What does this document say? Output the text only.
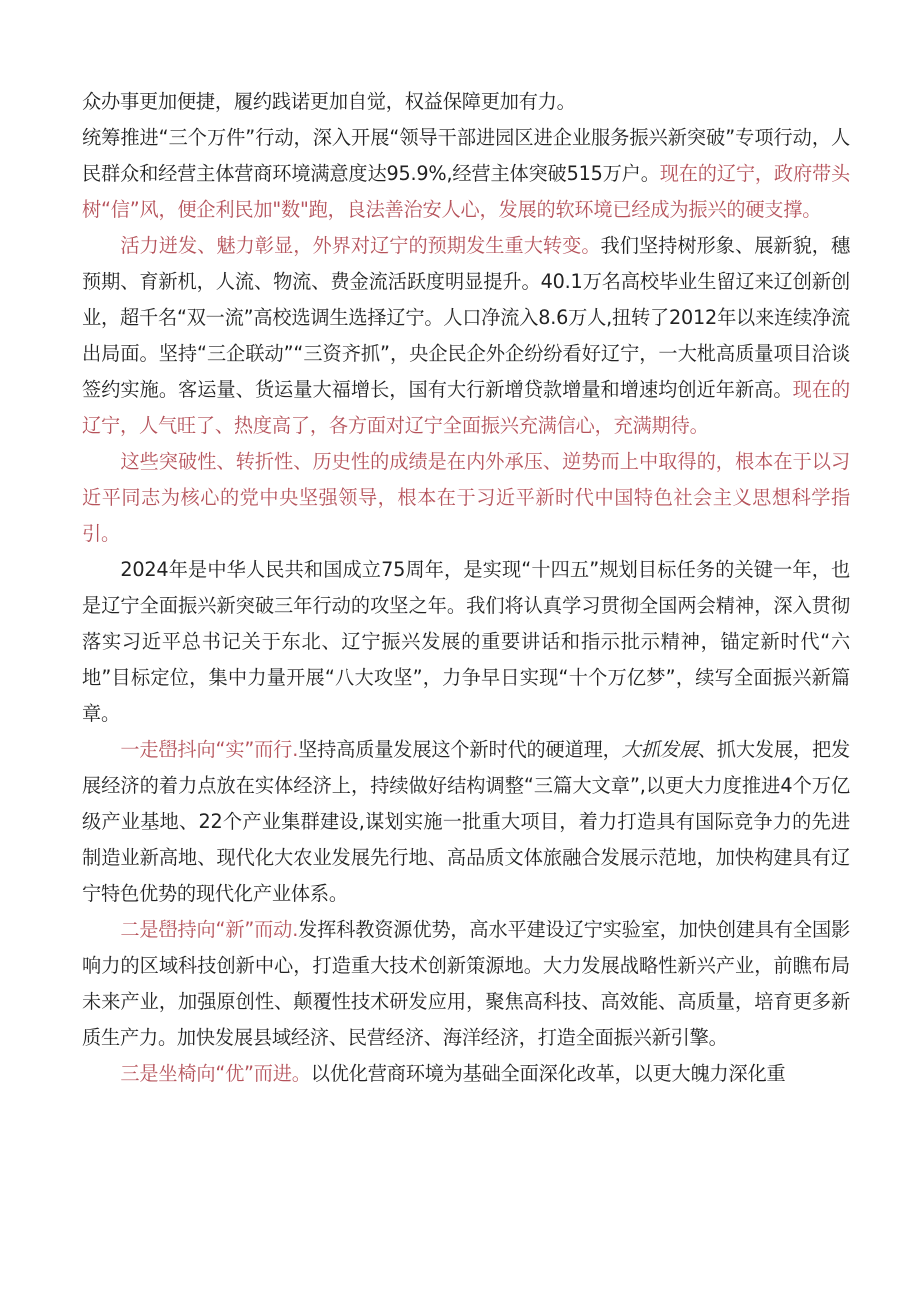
众办事更加便捷，履约践诺更加自觉，权益保障更加有力。

统筹推进“三个万件”行动，深入开展“领导干部进园区进企业服务振兴新突破”专项行动，人民群众和经营主体营商环境满意度达95.9%,经营主体突破515万户。现在的辽宁，政府带头树“信”风，便企利民加"数"跑，良法善治安人心，发展的软环境已经成为振兴的硬支撑。

活力迸发、魅力彰显，外界对辽宁的预期发生重大转变。我们坚持树形象、展新貌，穗预期、育新机，人流、物流、费金流活跃度明显提升。40.1万名高校毕业生留辽来辽创新创业，超千名“双一流”高校选调生选择辽宁。人口净流入8.6万人,扭转了2012年以来连续净流出局面。坚持“三企联动”“三资齐抓”，央企民企外企纷纷看好辽宁，一大枇高质量项目洽谈签约实施。客运量、货运量大福增长，国有大行新增贷款增量和增速均创近年新高。现在的辽宁，人气旺了、热度高了，各方面对辽宁全面振兴充满信心，充满期待。

这些突破性、转折性、历史性的成绩是在内外承压、逆势而上中取得的，根本在于以习近平同志为核心的党中央坚强领导，根本在于习近平新时代中国特色社会主义思想科学指引。

2024年是中华人民共和国成立75周年，是实现“十四五”规划目标任务的关键一年，也是辽宁全面振兴新突破三年行动的攻坚之年。我们将认真学习贯彻全国两会精神，深入贯彻落实习近平总书记关于东北、辽宁振兴发展的重要讲话和指示批示精神，锚定新时代“六地”目标定位，集中力量开展“八大攻坚”，力争早日实现“十个万亿梦”，续写全面振兴新篇章。

一走嶨抖向“实”而行.坚持高质量发展这个新时代的硬道理，大抓发展、抓大发展，把发展经济的着力点放在实体经济上，持续做好结构调整“三篇大文章”,以更大力度推进4个万亿级产业基地、22个产业集群建设,谋划实施一批重大项目，着力打造具有国际竞争力的先进制造业新高地、现代化大农业发展先行地、高品质文体旅融合发展示范地，加快构建具有辽宁特色优势的现代化产业体系。

二是嶨持向“新”而动.发挥科教资源优势，高水平建设辽宁实验室，加快创建具有全国影响力的区域科技创新中心，打造重大技术创新策源地。大力发展战略性新兴产业，前瞧布局未来产业，加强原创性、颠覆性技术研发应用，聚焦高科技、高效能、高质量，培育更多新质生产力。加快发展县域经济、民营经济、海洋经济，打造全面振兴新引擎。

三是坐椅向“优”而进。以优化营商环境为基础全面深化改革，以更大魄力深化重
